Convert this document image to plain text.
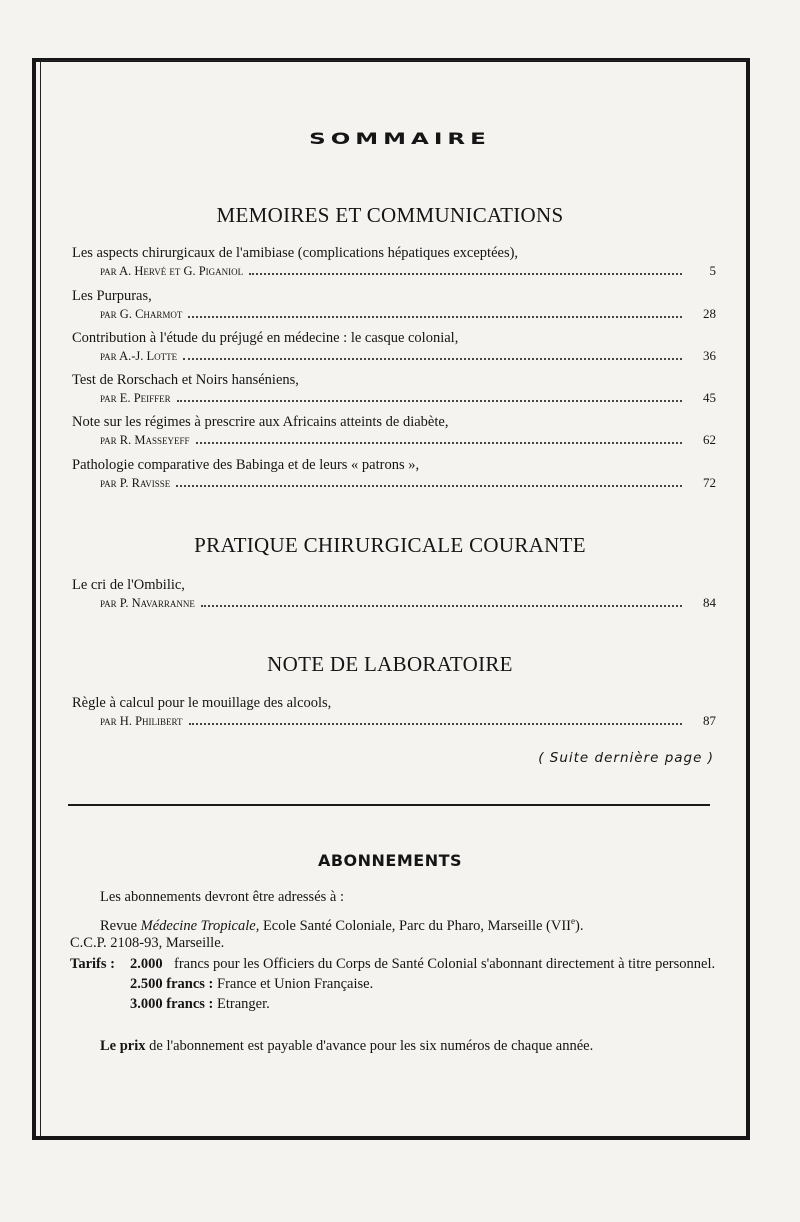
SOMMAIRE
MEMOIRES ET COMMUNICATIONS
Les aspects chirurgicaux de l'amibiase (complications hépatiques exceptées),
par A. Hervé et G. Piganiol	5
Les Purpuras,
par G. Charmot	28
Contribution à l'étude du préjugé en médecine : le casque colonial,
par A.-J. Lotte	36
Test de Rorschach et Noirs hanséniens,
par E. Peiffer	45
Note sur les régimes à prescrire aux Africains atteints de diabète,
par R. Masseyeff	62
Pathologie comparative des Babinga et de leurs « patrons »,
par P. Ravisse	72
PRATIQUE CHIRURGICALE COURANTE
Le cri de l'Ombilic,
par P. Navarranne	84
NOTE DE LABORATOIRE
Règle à calcul pour le mouillage des alcools,
par H. Philibert	87
( Suite dernière page )
ABONNEMENTS
Les abonnements devront être adressés à :
Revue Médecine Tropicale, Ecole Santé Coloniale, Parc du Pharo, Marseille (VIIe).
C.C.P. 2108-93, Marseille.
Tarifs :	2.000 francs pour les Officiers du Corps de Santé Colonial s'abonnant directement à titre personnel.
2.500 francs : France et Union Française.
3.000 francs : Etranger.
Le prix de l'abonnement est payable d'avance pour les six numéros de chaque année.
